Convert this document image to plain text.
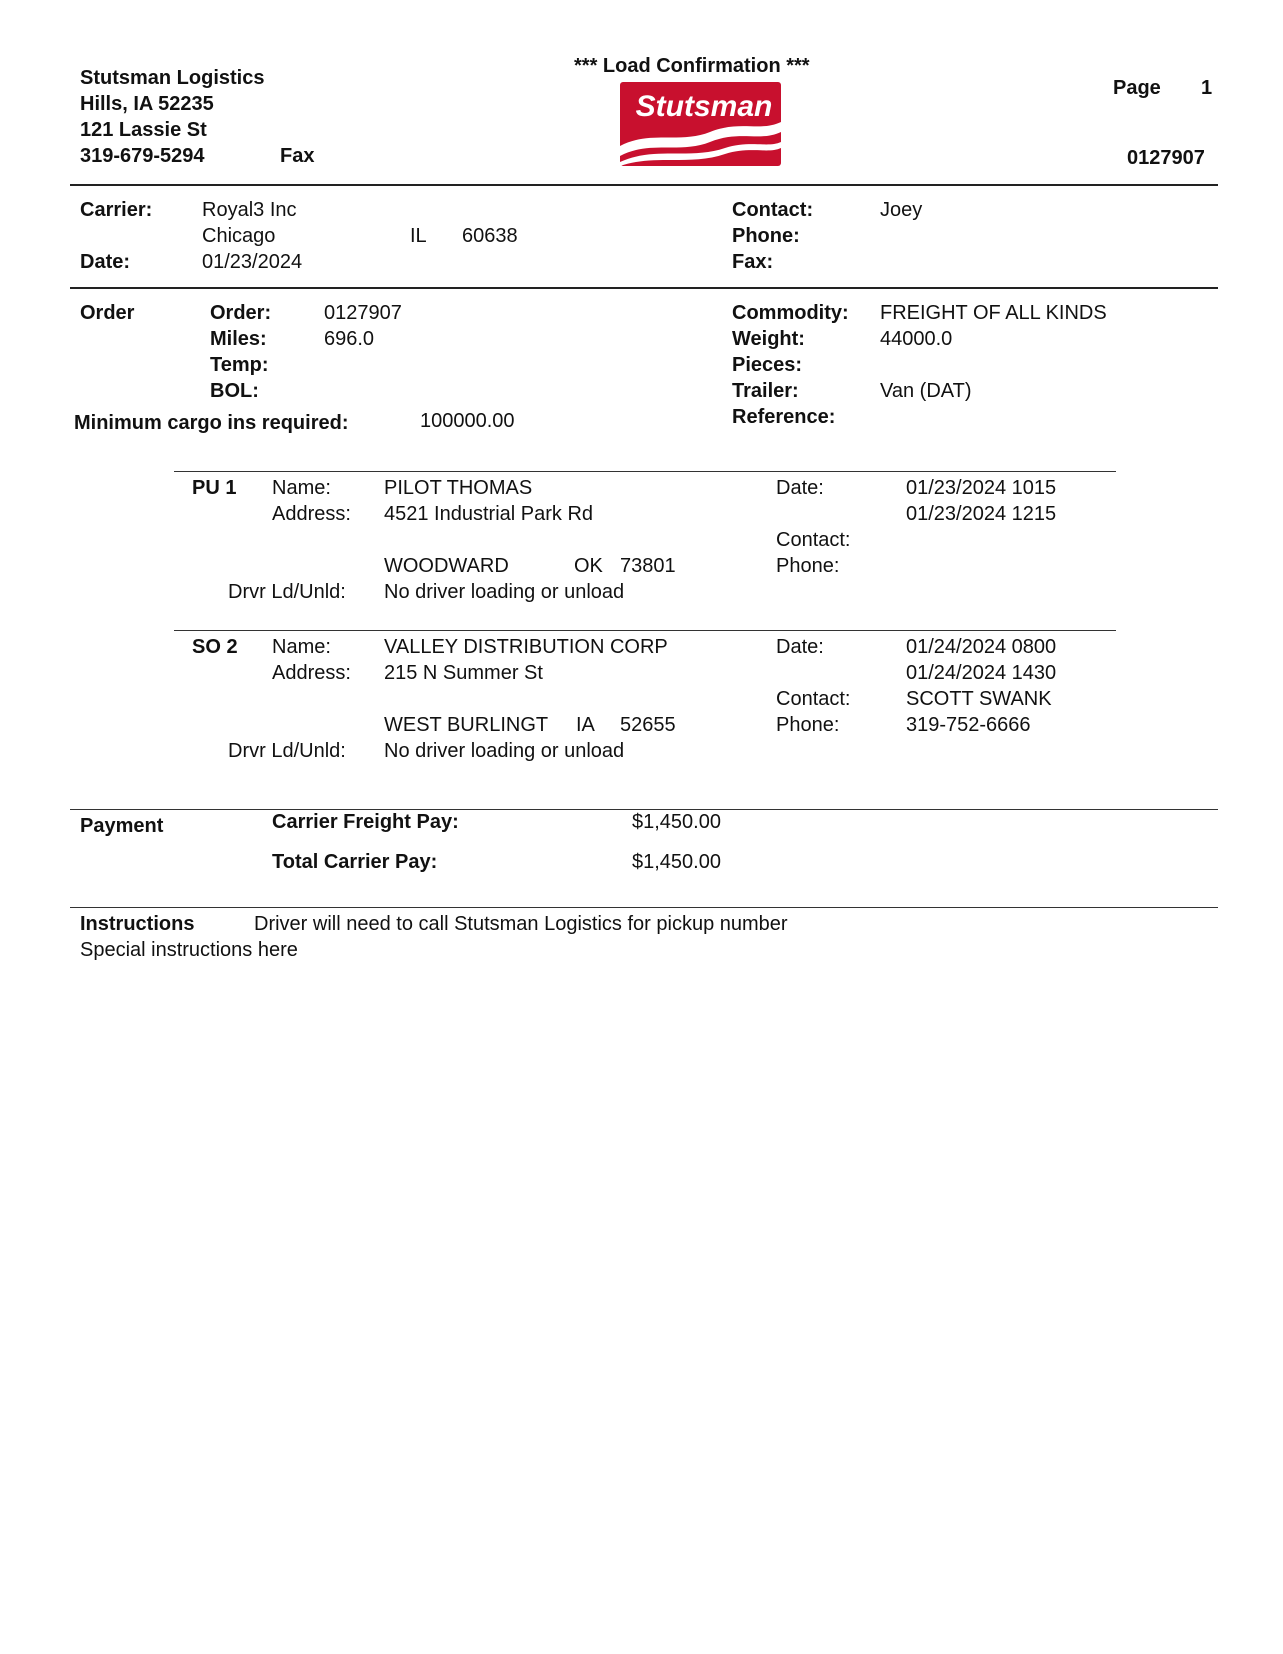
Stutsman Logistics
Hills, IA 52235
121 Lassie St
319-679-5294	Fax
*** Load Confirmation ***
Stutsman
Page 1
0127907
Carrier: Royal3 Inc
Chicago	IL 60638
Date:	01/23/2024
Contact:	Joey
Phone:
Fax:
Order	Order:	0127907
Miles:	696.0
Temp:
BOL:
Minimum cargo ins required:	100000.00
Commodity: FREIGHT OF ALL KINDS
Weight:	44000.0
Pieces:
Trailer:	Van (DAT)
Reference:
PU 1 Name:	PILOT THOMAS
Address: 4521 Industrial Park Rd
WOODWARD	OK 73801
Drvr Ld/Unld: No driver loading or unload
Date:	01/23/2024 1015
01/23/2024 1215
Contact:
Phone:
SO 2 Name:	VALLEY DISTRIBUTION CORP
Address: 215 N Summer St
WEST BURLINGT IA 52655
Drvr Ld/Unld: No driver loading or unload
Date:	01/24/2024 0800
01/24/2024 1430
Contact:	SCOTT SWANK
Phone:	319-752-6666
Payment	Carrier Freight Pay:	$1,450.00
Total Carrier Pay:	$1,450.00
Instructions	Driver will need to call Stutsman Logistics for pickup number
Special instructions here
